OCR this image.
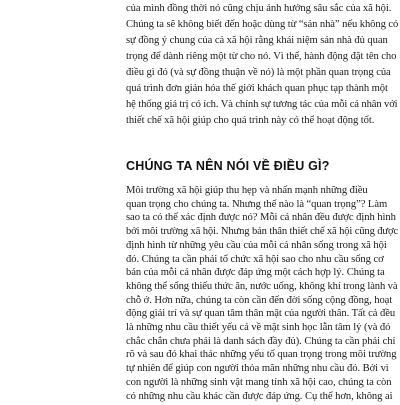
của mình đồng thời nó cũng chịu ảnh hưởng sâu sắc của xã hội.
Chúng ta sẽ không biết đến hoặc dùng từ “sản nhà” nếu không có
sự đồng ý chung của cả xã hội rằng khái niệm sản nhà đủ quan
trọng để dành riêng một từ cho nó. Vì thế, hành động đặt tên cho
điều gì đó (và sự đồng thuận về nó) là một phần quan trọng của
quá trình đơn giản hóa thế giới khách quan phục tạp thành một
hệ thống giá trị có ích. Và chính sự tương tác của mỗi cá nhân với
thiết chế xã hội giúp cho quá trình này có thể hoạt động tốt.
CHÚNG TA NÊN NÓI VỀ ĐIỀU GÌ?
Môi trường xã hội giúp thu hẹp và nhấn mạnh những điều
quan trọng cho chúng ta. Nhưng thế nào là “quan trọng”? Làm
sao ta có thể xác định được nó? Mỗi cá nhân đều được định hình
bởi môi trường xã hội. Nhưng bản thân thiết chế xã hội cũng được
định hình từ những yêu cầu của mỗi cá nhân sống trong xã hội
đó. Chúng ta cần phải tổ chức xã hội sao cho nhu cầu sống cơ
bản của mỗi cá nhân được đáp ứng một cách hợp lý. Chúng ta
không thể sống thiếu thức ăn, nước uống, không khí trong lành và
chỗ ở. Hơn nữa, chúng ta còn cần đến đời sống cộng đồng, hoạt
động giải trí và sự quan tâm thân mật của người thân. Tất cả đều
là những nhu cầu thiết yếu cả về mặt sinh học lẫn tâm lý (và đó
chắc chắn chưa phải là danh sách đầy đủ). Chúng ta cần phải chỉ
rõ và sau đó khai thác những yếu tố quan trọng trong môi trường
tự nhiên để giúp con người thỏa mãn những nhu cầu đó. Bởi vì
con người là những sinh vật mang tính xã hội cao, chúng ta còn
có những nhu cầu khác cần được đáp ứng. Cụ thể hơn, không ai
